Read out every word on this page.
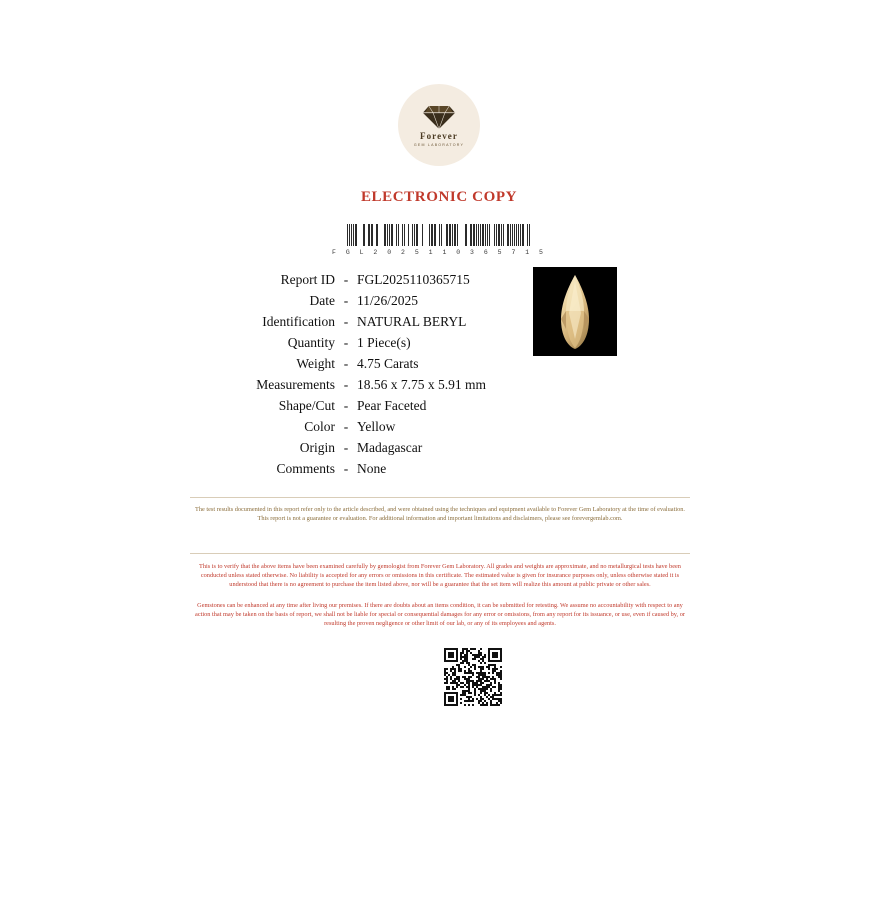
Forever
GEM LABORATORY
ELECTRONIC COPY
F G L 2 0 2 5 1 1 0 3 6 5 7 1 5
Report ID - FGL2025110365715
Date - 11/26/2025
Identification - NATURAL BERYL
Quantity - 1 Piece(s)
Weight - 4.75 Carats
Measurements - 18.56 x 7.75 x 5.91 mm
Shape/Cut - Pear Faceted
Color - Yellow
Origin - Madagascar
Comments - None
The test results documented in this report refer only to the article described, and were obtained using the techniques and equipment available to Forever Gem Laboratory at the time of evaluation. This report is not a guarantee or evaluation. For additional information and important limitations and disclaimers, please see forevergemlab.com.
This is to verify that the above items have been examined carefully by gemologist from Forever Gem Laboratory. All grades and weights are approximate, and no metallurgical tests have been conducted unless stated otherwise. No liability is accepted for any errors or omissions in this certificate. The estimated value is given for insurance purposes only, unless otherwise stated it is understood that there is no agreement to purchase the item listed above, nor will be a guarantee that the set item will realize this amount at public private or other sales.
Gemstones can be enhanced at any time after living our premises. If there are doubts about an items condition, it can be submitted for retesting. We assume no accountability with respect to any action that may be taken on the basis of report, we shall not be liable for special or consequential damages for any error or omissions, from any report for its issuance, or use, even if caused by, or resulting the proven negligence or other limit of our lab, or any of its employees and agents.
